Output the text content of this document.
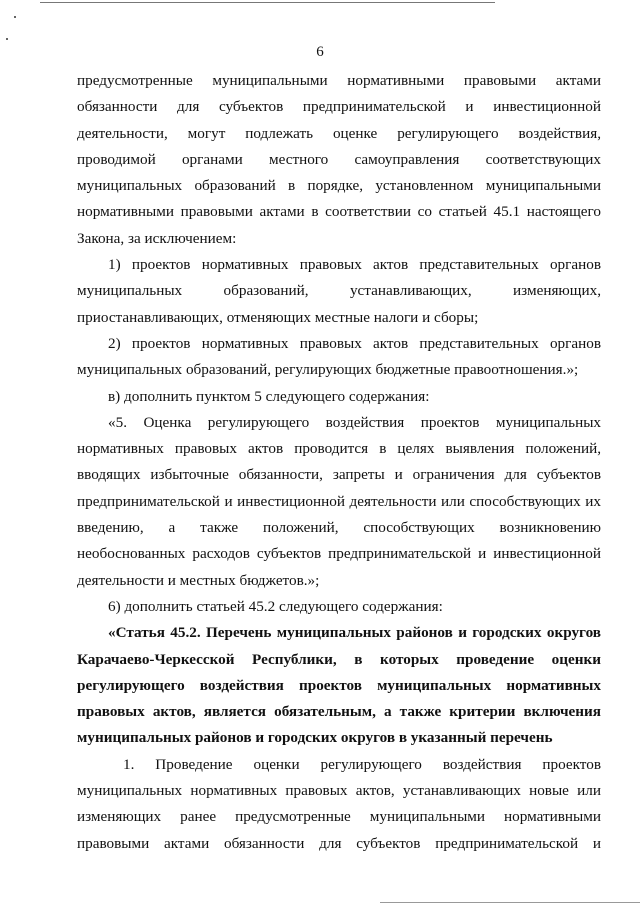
6
предусмотренные муниципальными нормативными правовыми актами
обязанности для субъектов предпринимательской и инвестиционной
деятельности, могут подлежать оценке регулирующего воздействия,
проводимой органами местного самоуправления соответствующих
муниципальных образований в порядке, установленном муниципальными
нормативными правовыми актами в соответствии со статьей 45.1 настоящего
Закона, за исключением:
1) проектов нормативных правовых актов представительных органов
муниципальных образований, устанавливающих, изменяющих,
приостанавливающих, отменяющих местные налоги и сборы;
2) проектов нормативных правовых актов представительных органов
муниципальных образований, регулирующих бюджетные правоотношения.»;
в) дополнить пунктом 5 следующего содержания:
«5. Оценка регулирующего воздействия проектов муниципальных
нормативных правовых актов проводится в целях выявления положений,
вводящих избыточные обязанности, запреты и ограничения для субъектов
предпринимательской и инвестиционной деятельности или способствующих их
введению, а также положений, способствующих возникновению
необоснованных расходов субъектов предпринимательской и инвестиционной
деятельности и местных бюджетов.»;
6) дополнить статьей 45.2 следующего содержания:
«Статья 45.2. Перечень муниципальных районов и городских округов
Карачаево-Черкесской Республики, в которых проведение оценки
регулирующего воздействия проектов муниципальных нормативных
правовых актов, является обязательным, а также критерии включения
муниципальных районов и городских округов в указанный перечень
1. Проведение оценки регулирующего воздействия проектов
муниципальных нормативных правовых актов, устанавливающих новые или
изменяющих ранее предусмотренные муниципальными нормативными
правовыми актами обязанности для субъектов предпринимательской и
